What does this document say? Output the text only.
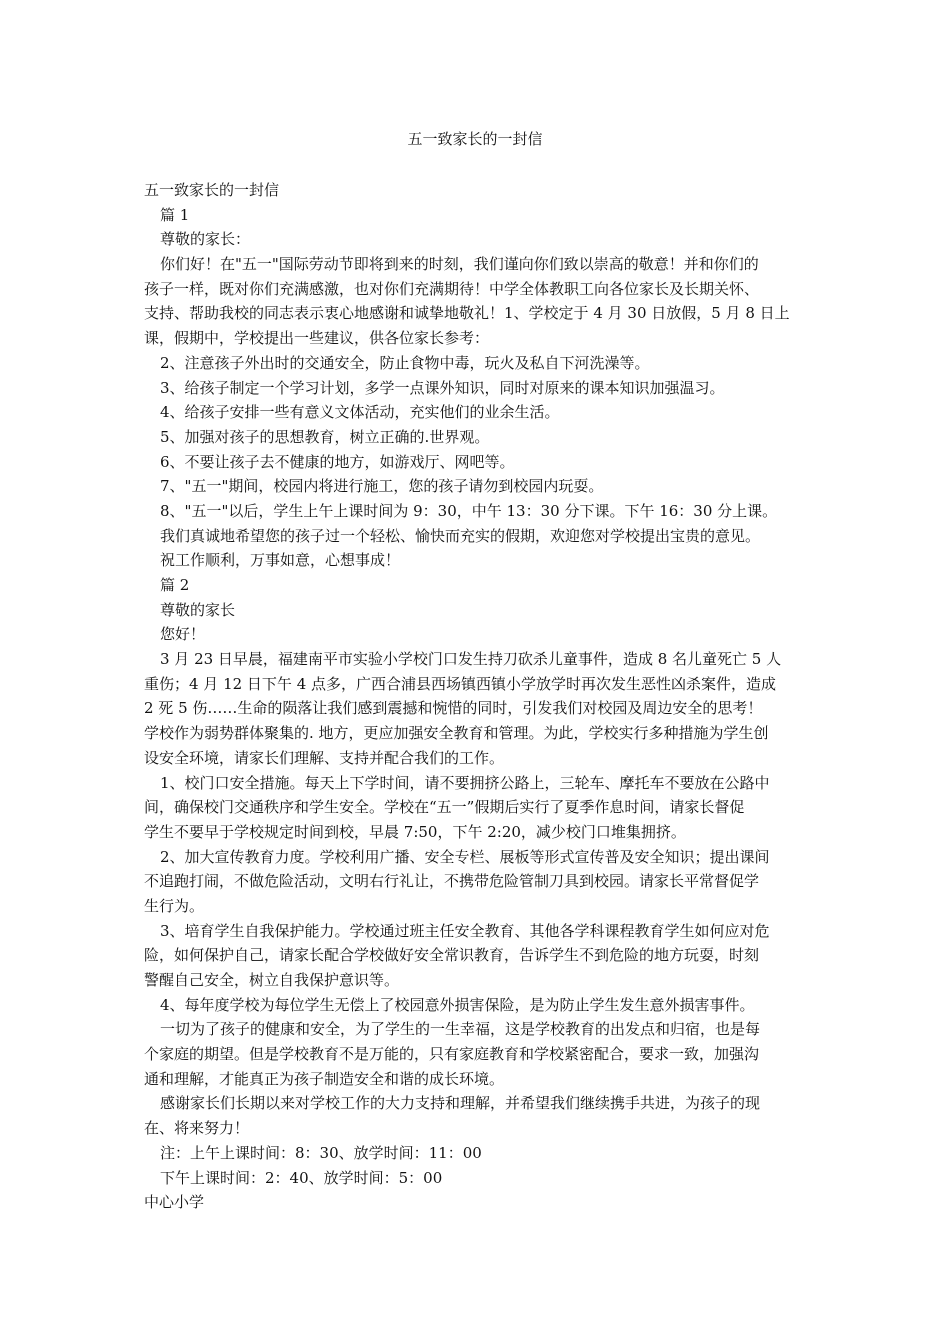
五一致家长的一封信
五一致家长的一封信
篇 1
尊敬的家长：
你们好！在"五一"国际劳动节即将到来的时刻，我们谨向你们致以崇高的敬意！并和你们的
孩子一样，既对你们充满感激，也对你们充满期待！中学全体教职工向各位家长及长期关怀、
支持、帮助我校的同志表示衷心地感谢和诚挚地敬礼！1、学校定于 4 月 30 日放假，5 月 8 日上
课，假期中，学校提出一些建议，供各位家长参考：
2、注意孩子外出时的交通安全，防止食物中毒，玩火及私自下河洗澡等。
3、给孩子制定一个学习计划，多学一点课外知识，同时对原来的课本知识加强温习。
4、给孩子安排一些有意义文体活动，充实他们的业余生活。
5、加强对孩子的思想教育，树立正确的.世界观。
6、不要让孩子去不健康的地方，如游戏厅、网吧等。
7、"五一"期间，校园内将进行施工，您的孩子请勿到校园内玩耍。
8、"五一"以后，学生上午上课时间为 9：30，中午 13：30 分下课。下午 16：30 分上课。
我们真诚地希望您的孩子过一个轻松、愉快而充实的假期，欢迎您对学校提出宝贵的意见。
祝工作顺利，万事如意，心想事成！
篇 2
尊敬的家长
您好！
3 月 23 日早晨，福建南平市实验小学校门口发生持刀砍杀儿童事件，造成 8 名儿童死亡 5 人
重伤；4 月 12 日下午 4 点多，广西合浦县西场镇西镇小学放学时再次发生恶性凶杀案件，造成
2 死 5 伤……生命的陨落让我们感到震撼和惋惜的同时，引发我们对校园及周边安全的思考！
学校作为弱势群体聚集的. 地方，更应加强安全教育和管理。为此，学校实行多种措施为学生创
设安全环境，请家长们理解、支持并配合我们的工作。
1、校门口安全措施。每天上下学时间，请不要拥挤公路上，三轮车、摩托车不要放在公路中
间，确保校门交通秩序和学生安全。学校在“五一”假期后实行了夏季作息时间，请家长督促
学生不要早于学校规定时间到校，早晨 7:50，下午 2:20，减少校门口堆集拥挤。
2、加大宣传教育力度。学校利用广播、安全专栏、展板等形式宣传普及安全知识；提出课间
不追跑打闹，不做危险活动，文明右行礼让，不携带危险管制刀具到校园。请家长平常督促学
生行为。
3、培育学生自我保护能力。学校通过班主任安全教育、其他各学科课程教育学生如何应对危
险，如何保护自己，请家长配合学校做好安全常识教育，告诉学生不到危险的地方玩耍，时刻
警醒自己安全，树立自我保护意识等。
4、每年度学校为每位学生无偿上了校园意外损害保险，是为防止学生发生意外损害事件。
一切为了孩子的健康和安全，为了学生的一生幸福，这是学校教育的出发点和归宿，也是每
个家庭的期望。但是学校教育不是万能的，只有家庭教育和学校紧密配合，要求一致，加强沟
通和理解，才能真正为孩子制造安全和谐的成长环境。
感谢家长们长期以来对学校工作的大力支持和理解，并希望我们继续携手共进，为孩子的现
在、将来努力！
注：上午上课时间：8：30、放学时间：11：00
下午上课时间：2：40、放学时间：5：00
中心小学
